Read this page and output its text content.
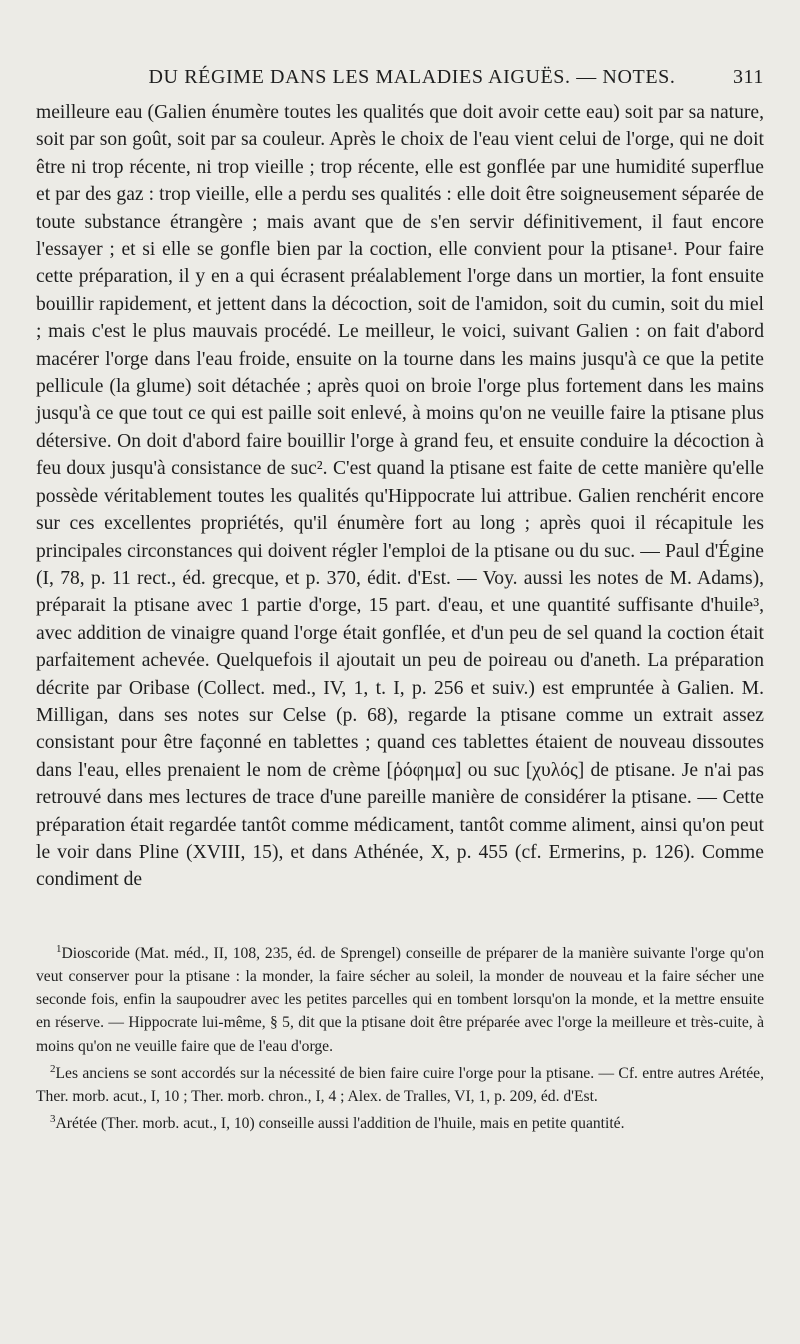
DU RÉGIME DANS LES MALADIES AIGUËS. — NOTES.	311

meilleure eau (Galien énumère toutes les qualités que doit avoir cette eau) soit par sa nature, soit par son goût, soit par sa couleur. Après le choix de l'eau vient celui de l'orge, qui ne doit être ni trop récente, ni trop vieille ; trop récente, elle est gonflée par une humidité superflue et par des gaz : trop vieille, elle a perdu ses qualités : elle doit être soigneusement séparée de toute substance étrangère ; mais avant que de s'en servir définitivement, il faut encore l'essayer ; et si elle se gonfle bien par la coction, elle convient pour la ptisane¹. Pour faire cette préparation, il y en a qui écrasent préalablement l'orge dans un mortier, la font ensuite bouillir rapidement, et jettent dans la décoction, soit de l'amidon, soit du cumin, soit du miel ; mais c'est le plus mauvais procédé. Le meilleur, le voici, suivant Galien : on fait d'abord macérer l'orge dans l'eau froide, ensuite on la tourne dans les mains jusqu'à ce que la petite pellicule (la glume) soit détachée ; après quoi on broie l'orge plus fortement dans les mains jusqu'à ce que tout ce qui est paille soit enlevé, à moins qu'on ne veuille faire la ptisane plus détersive. On doit d'abord faire bouillir l'orge à grand feu, et ensuite conduire la décoction à feu doux jusqu'à consistance de suc². C'est quand la ptisane est faite de cette manière qu'elle possède véritablement toutes les qualités qu'Hippocrate lui attribue. Galien renchérit encore sur ces excellentes propriétés, qu'il énumère fort au long ; après quoi il récapitule les principales circonstances qui doivent régler l'emploi de la ptisane ou du suc. — Paul d'Égine (I, 78, p. 11 rect., éd. grecque, et p. 370, édit. d'Est. — Voy. aussi les notes de M. Adams), préparait la ptisane avec 1 partie d'orge, 15 part. d'eau, et une quantité suffisante d'huile³, avec addition de vinaigre quand l'orge était gonflée, et d'un peu de sel quand la coction était parfaitement achevée. Quelquefois il ajoutait un peu de poireau ou d'aneth. La préparation décrite par Oribase (Collect. med., IV, 1, t. I, p. 256 et suiv.) est empruntée à Galien. M. Milligan, dans ses notes sur Celse (p. 68), regarde la ptisane comme un extrait assez consistant pour être façonné en tablettes ; quand ces tablettes étaient de nouveau dissoutes dans l'eau, elles prenaient le nom de crème [ῥόφημα] ou suc [χυλός] de ptisane. Je n'ai pas retrouvé dans mes lectures de trace d'une pareille manière de considérer la ptisane. — Cette préparation était regardée tantôt comme médicament, tantôt comme aliment, ainsi qu'on peut le voir dans Pline (XVIII, 15), et dans Athénée, X, p. 455 (cf. Ermerins, p. 126). Comme condiment de

$^1$Dioscoride (Mat. méd., II, 108, 235, éd. de Sprengel) conseille de préparer de la manière suivante l'orge qu'on veut conserver pour la ptisane : la monder, la faire sécher au soleil, la monder de nouveau et la faire sécher une seconde fois, enfin la saupoudrer avec les petites parcelles qui en tombent lorsqu'on la monde, et la mettre ensuite en réserve. — Hippocrate lui-même, § 5, dit que la ptisane doit être préparée avec l'orge la meilleure et très-cuite, à moins qu'on ne veuille faire que de l'eau d'orge.

$^2$Les anciens se sont accordés sur la nécessité de bien faire cuire l'orge pour la ptisane. — Cf. entre autres Arétée, Ther. morb. acut., I, 10 ; Ther. morb. chron., I, 4 ; Alex. de Tralles, VI, 1, p. 209, éd. d'Est.

$^3$Arétée (Ther. morb. acut., I, 10) conseille aussi l'addition de l'huile, mais en petite quantité.
